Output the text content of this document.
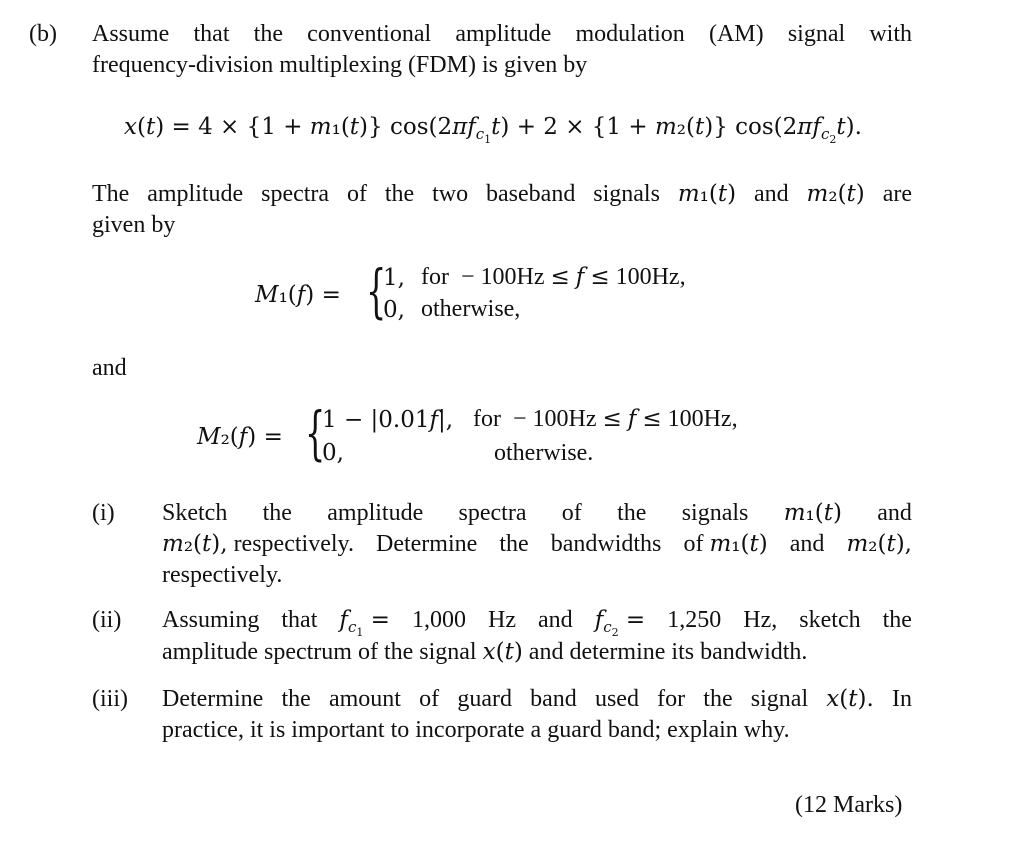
(b) Assume that the conventional amplitude modulation (AM) signal with
frequency-division multiplexing (FDM) is given by
x(t) = 4 × {1 + m₁(t)} $\cos(2\pi f_{c_1}t) + 2 \times \{1 + m_2(t)\}$ $\cos(2\pi f_{c_2}t)$.
The amplitude spectra of the two baseband signals m₁(t) and m₂(t) are
given by
M₁(f) = {
1,
0,
for  − 100Hz ≤ f ≤ 100Hz,
otherwise,
and
M₂(f) = {
1 − |0.01f|,
0,
for  − 100Hz ≤ f ≤ 100Hz,
otherwise.
(i) Sketch the amplitude spectra of the signals m₁(t) and
m₂(t), respectively. Determine the bandwidths of m₁(t) and m₂(t),
respectively.
(ii) Assuming that $f_{c_1} = 1,000$ Hz and $f_{c_2} = 1,250$ Hz, sketch the
amplitude spectrum of the signal x(t) and determine its bandwidth.
(iii) Determine the amount of guard band used for the signal x(t). In
practice, it is important to incorporate a guard band; explain why.
(12 Marks)
